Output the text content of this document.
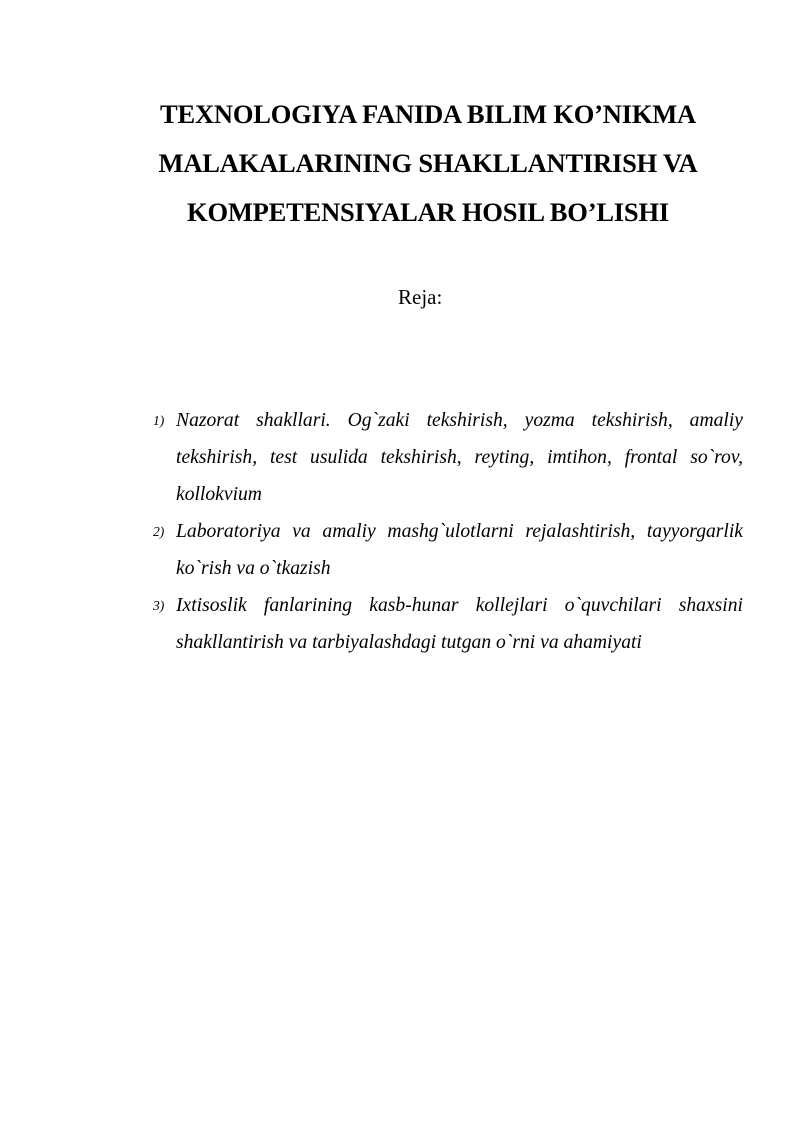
TEXNOLOGIYA FANIDA BILIM KO’NIKMA
MALAKALARINING SHAKLLANTIRISH VA
KOMPETENSIYALAR HOSIL BO’LISHI
Reja:
1) Nazorat shakllari. Og`zaki tekshirish, yozma tekshirish, amaliy tekshirish, test usulida tekshirish, reyting, imtihon, frontal so`rov, kollokvium
2) Laboratoriya va amaliy mashg`ulotlarni rejalashtirish, tayyorgarlik ko`rish va o`tkazish
3) Ixtisoslik fanlarining kasb-hunar kollejlari o`quvchilari shaxsini shakllantirish va tarbiyalashdagi tutgan o`rni va ahamiyati
